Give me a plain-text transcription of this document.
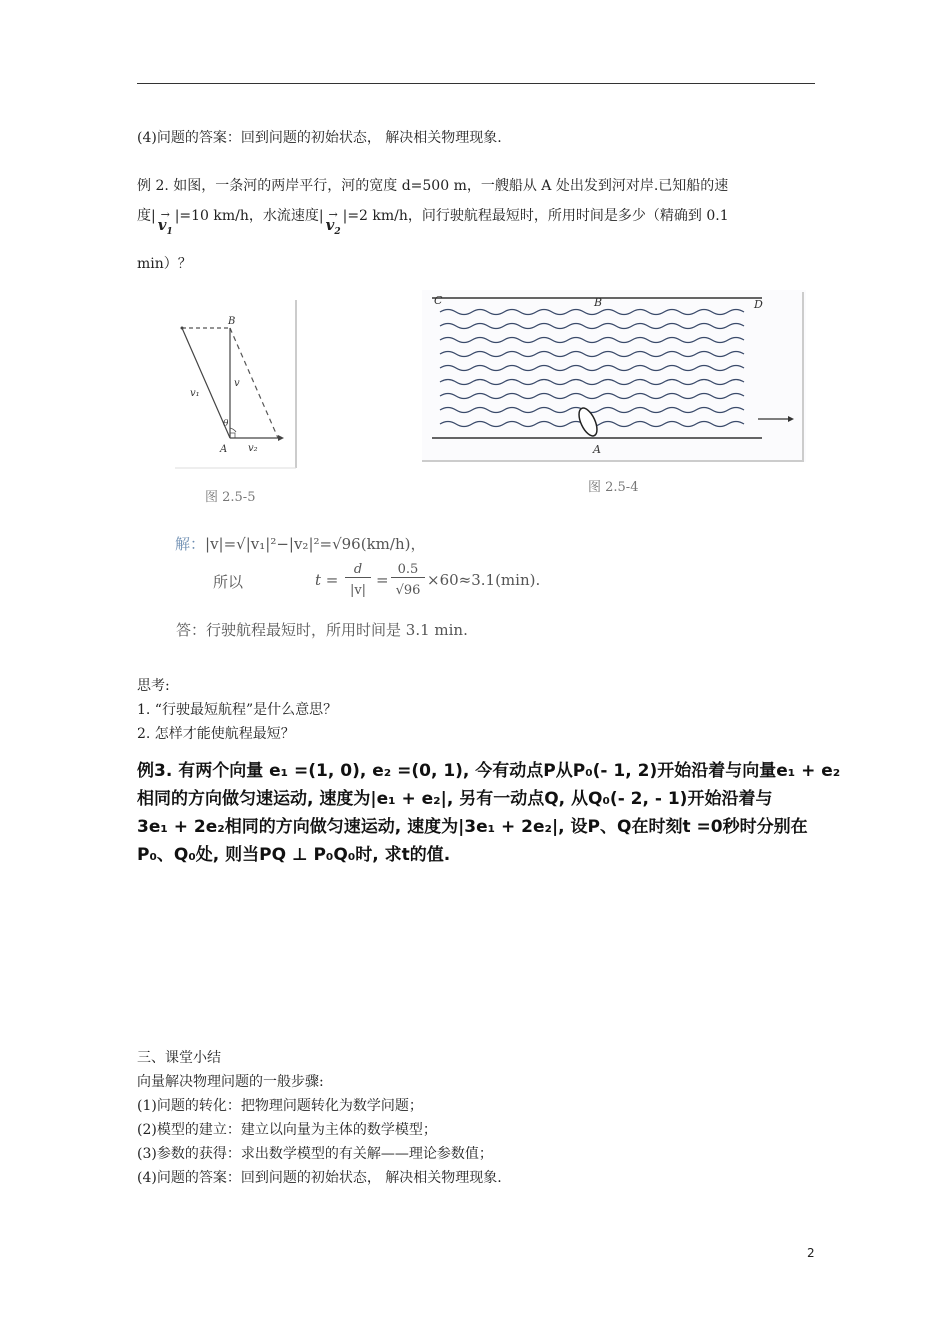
(4)问题的答案：回到问题的初始状态， 解决相关物理现象.
例 2. 如图，一条河的两岸平行，河的宽度 d=500 m，一艘船从 A 处出发到河对岸.已知船的速
度| →
$v_1$
|=10 km/h，水流速度| →
$v_2$
|=2 km/h，问行驶航程最短时，所用时间是多少（精确到 0.1
min）？
B
v₁
v
θ
A v₂
图 2.5-5
C	B	D
A
图 2.5-4
解：|v|=√|v₁|²−|v₂|²=√96(km/h)，
所以	t =
d
|v|
=
0.5
√96
×60≈3.1(min).
答：行驶航程最短时，所用时间是 3.1 min.
思考:
1. “行驶最短航程”是什么意思？
2. 怎样才能使航程最短？
例3. 有两个向量 e₁ =(1, 0), e₂ =(0, 1), 今有动点P从P₀(- 1, 2)开始沿着与向量e₁ + e₂
相同的方向做匀速运动, 速度为|e₁ + e₂|, 另有一动点Q, 从Q₀(- 2, - 1)开始沿着与
3e₁ + 2e₂相同的方向做匀速运动, 速度为|3e₁ + 2e₂|, 设P、Q在时刻t =0秒时分别在
P₀、Q₀处, 则当PQ ⊥ P₀Q₀时, 求t的值.
三、课堂小结
向量解决物理问题的一般步骤:
(1)问题的转化：把物理问题转化为数学问题；
(2)模型的建立：建立以向量为主体的数学模型；
(3)参数的获得：求出数学模型的有关解——理论参数值；
(4)问题的答案：回到问题的初始状态， 解决相关物理现象.
2
